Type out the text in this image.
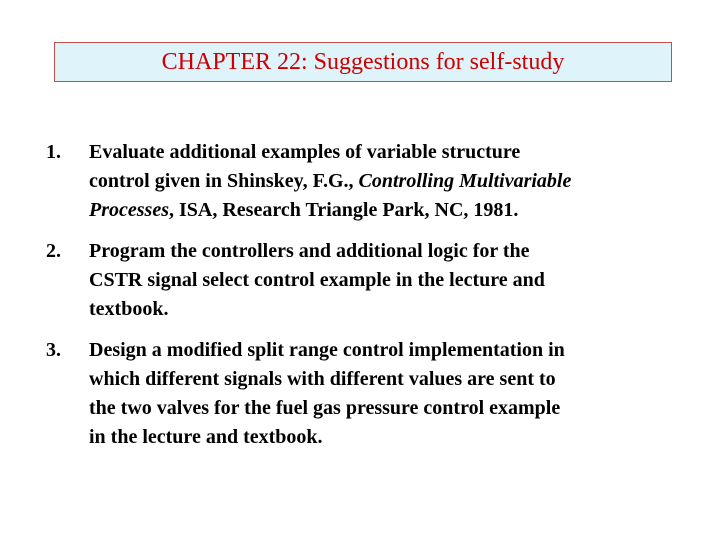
CHAPTER 22: Suggestions for self-study
1.	Evaluate additional examples of variable structure
control given in Shinskey, F.G., Controlling Multivariable
Processes, ISA, Research Triangle Park, NC, 1981.
2.	Program the controllers and additional logic for the
CSTR signal select control example in the lecture and
textbook.
3.	Design a modified split range control implementation in
which different signals with different values are sent to
the two valves for the fuel gas pressure control example
in the lecture and textbook.
